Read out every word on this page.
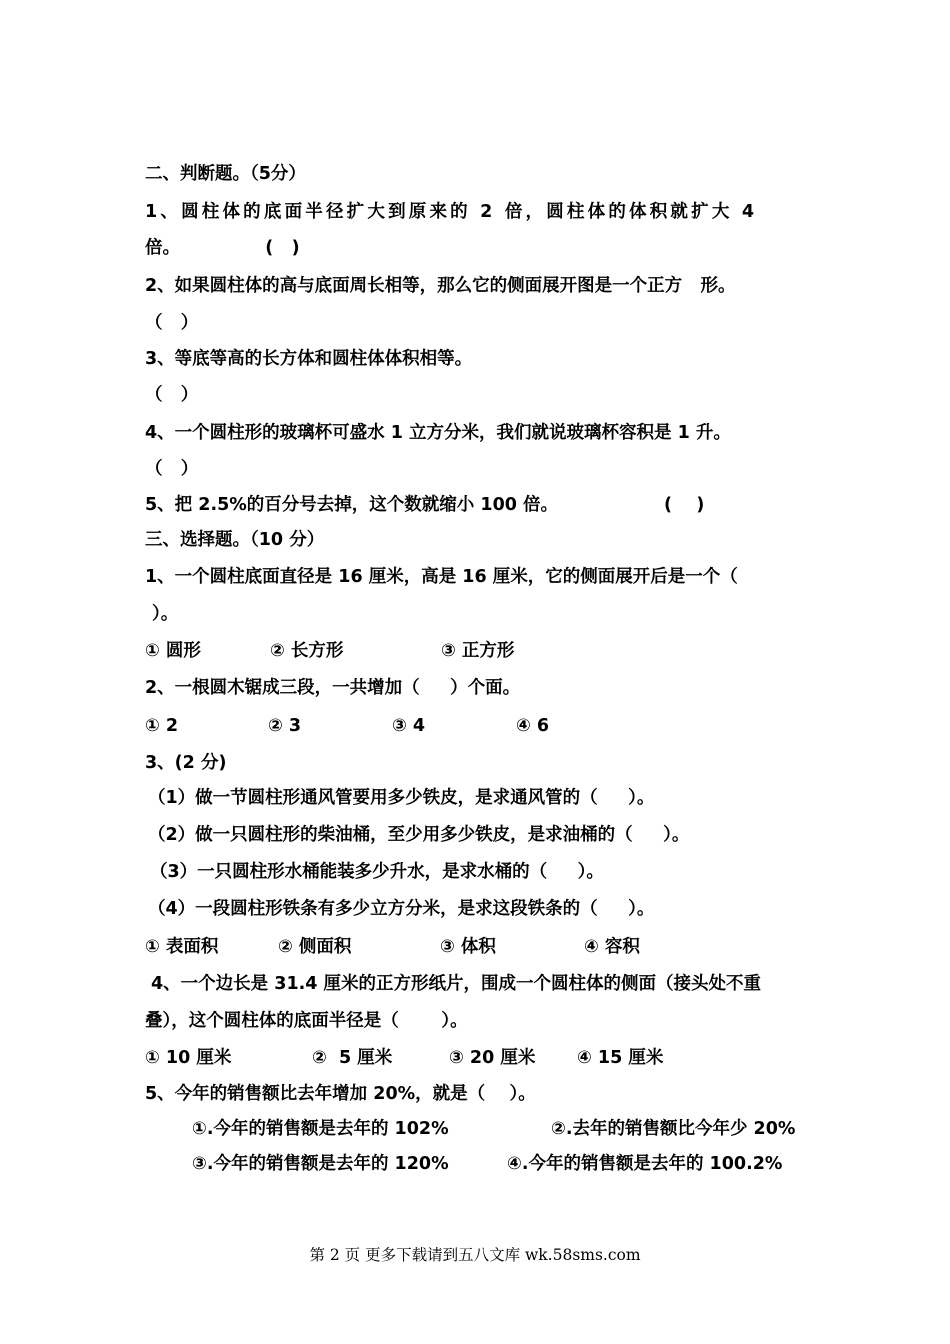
二、判断题。（5分）

1、圆柱体的底面半径扩大到原来的 2 倍，圆柱体的体积就扩大 4

倍。              (   )

2、如果圆柱体的高与底面周长相等，那么它的侧面展开图是一个正方   形。

（   ）

3、等底等高的长方体和圆柱体体积相等。

（   ）

4、一个圆柱形的玻璃杯可盛水 1 立方分米，我们就说玻璃杯容积是 1 升。

（   ）

5、把 2.5%的百分号去掉，这个数就缩小 100 倍。	(    )

三、选择题。（10 分）

1、一个圆柱底面直径是 16 厘米，高是 16 厘米，它的侧面展开后是一个（

）。

① 圆形	② 长方形	③ 正方形

2、一根圆木锯成三段，一共增加（     ）个面。

① 2	② 3	③ 4	④ 6

3、(2 分)

（1）做一节圆柱形通风管要用多少铁皮，是求通风管的（     ）。

（2）做一只圆柱形的柴油桶，至少用多少铁皮，是求油桶的（     ）。

（3）一只圆柱形水桶能装多少升水，是求水桶的（     ）。

（4）一段圆柱形铁条有多少立方分米，是求这段铁条的（     ）。

① 表面积	② 侧面积	③ 体积	④ 容积

4、一个边长是 31.4 厘米的正方形纸片，围成一个圆柱体的侧面（接头处不重

叠），这个圆柱体的底面半径是（       ）。

① 10 厘米	②  5 厘米	③ 20 厘米 ④ 15 厘米

5、今年的销售额比去年增加 20%，就是（    ）。

①.今年的销售额是去年的 102%	②.去年的销售额比今年少 20%

③.今年的销售额是去年的 120%	④.今年的销售额是去年的 100.2%

第 2 页 更多下载请到五八文库 wk.58sms.com
